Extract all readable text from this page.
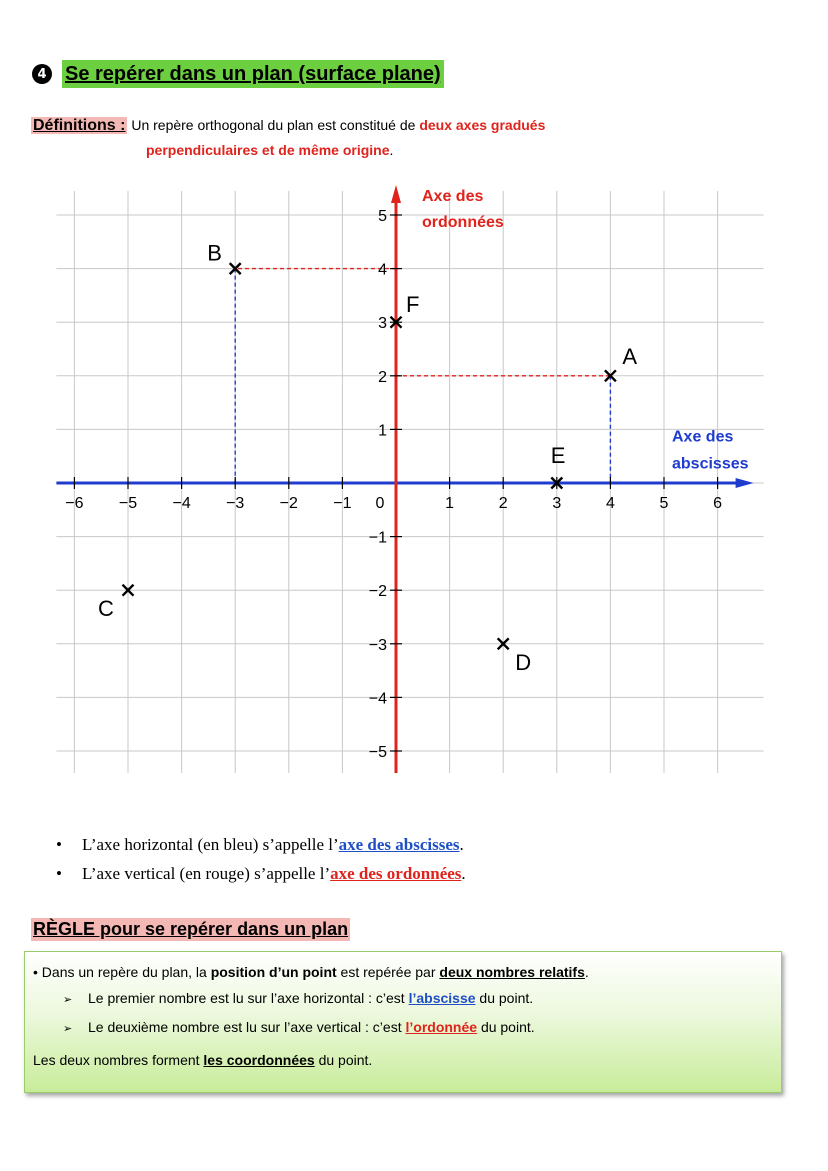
4 Se repérer dans un plan (surface plane)
Définitions : Un repère orthogonal du plan est constitué de deux axes gradués
perpendiculaires et de même origine.
−6 −5 −4 −3 −2 −1	1	2	3	4	5	6
0
1
2
3
4
5
−1
−2
−3
−4
−5
Axe des
ordonnées
Axe des
abscisses
A
B
C
D
E
F
• L’axe horizontal (en bleu) s’appelle l’axe des abscisses.
• L’axe vertical (en rouge) s’appelle l’axe des ordonnées.
RÈGLE pour se repérer dans un plan
• Dans un repère du plan, la position d’un point est repérée par deux nombres relatifs.
➢ Le premier nombre est lu sur l’axe horizontal : c’est l’abscisse du point.
➢ Le deuxième nombre est lu sur l’axe vertical : c’est l’ordonnée du point.
Les deux nombres forment les coordonnées du point.
